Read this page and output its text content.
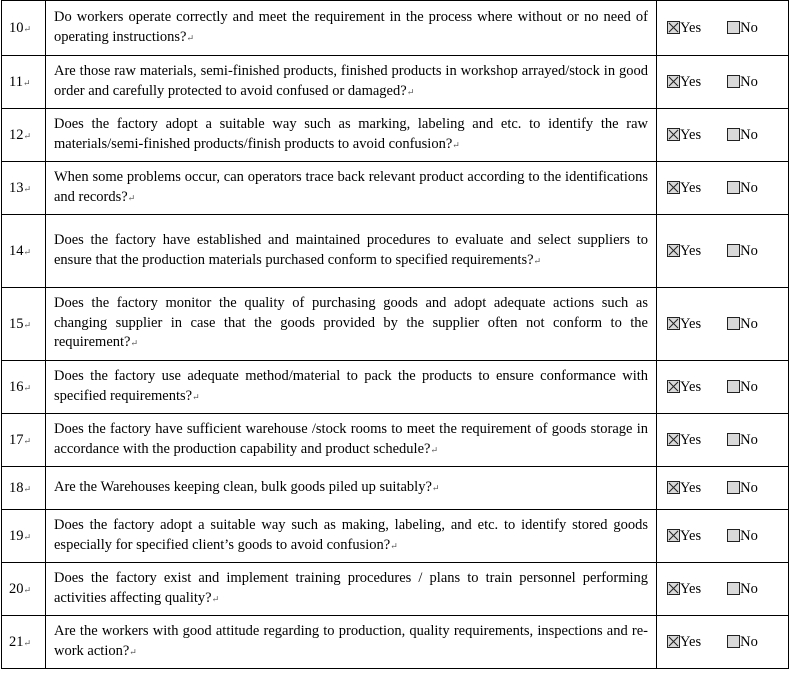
10↵	Do workers operate correctly and meet the requirement in the process where without or no need of operating instructions?↵	Yes No
11↵	Are those raw materials, semi-finished products, finished products in workshop arrayed/stock in good order and carefully protected to avoid confused or damaged?↵	Yes No
12↵	Does the factory adopt a suitable way such as marking, labeling and etc. to identify the raw materials/semi-finished products/finish products to avoid confusion?↵	Yes No
13↵	When some problems occur, can operators trace back relevant product according to the identifications and records?↵	Yes No
14↵	Does the factory have established and maintained procedures to evaluate and select suppliers to ensure that the production materials purchased conform to specified requirements?↵	Yes No
15↵	Does the factory monitor the quality of purchasing goods and adopt adequate actions such as changing supplier in case that the goods provided by the supplier often not conform to the requirement?↵	Yes No
16↵	Does the factory use adequate method/material to pack the products to ensure conformance with specified requirements?↵	Yes No
17↵	Does the factory have sufficient warehouse /stock rooms to meet the requirement of goods storage in accordance with the production capability and product schedule?↵	Yes No
18↵	Are the Warehouses keeping clean, bulk goods piled up suitably?↵	Yes No
19↵	Does the factory adopt a suitable way such as making, labeling, and etc. to identify stored goods especially for specified client’s goods to avoid confusion?↵	Yes No
20↵	Does the factory exist and implement training procedures / plans to train personnel performing activities affecting quality?↵	Yes No
21↵	Are the workers with good attitude regarding to production, quality requirements, inspections and re-work action?↵	Yes No
